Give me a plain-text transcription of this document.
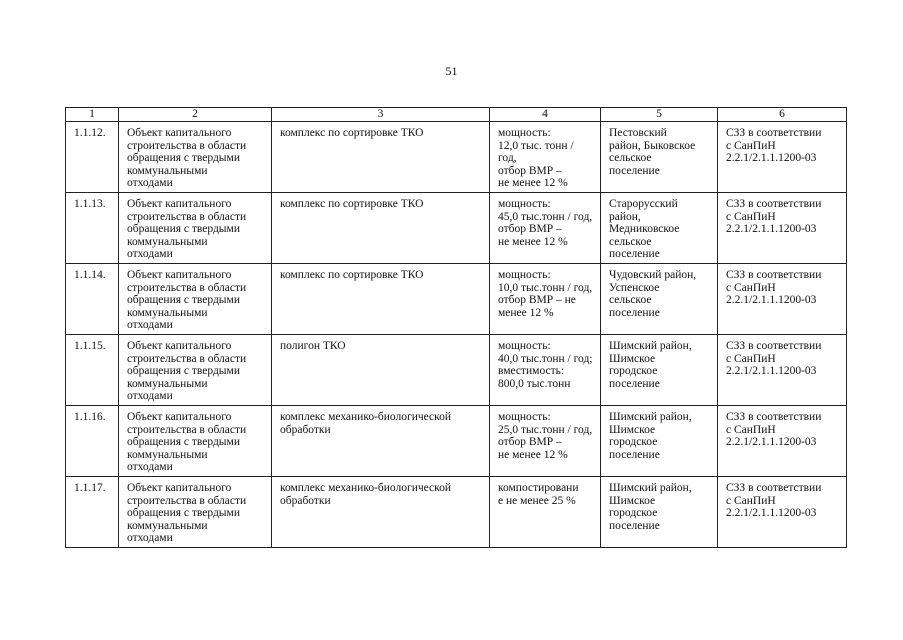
51
1	2	3	4	5	6

1.1.12.	Объект капитального
строительства в области
обращения с твердыми
коммунальными
отходами	комплекс по сортировке ТКО	мощность:
12,0 тыс. тонн /
год,
отбор ВМР –
не менее 12 %	Пестовский
район, Быковское
сельское
поселение	СЗЗ в соответствии
с СанПиН
2.2.1/2.1.1.1200-03

1.1.13.	Объект капитального
строительства в области
обращения с твердыми
коммунальными
отходами	комплекс по сортировке ТКО	мощность:
45,0 тыс.тонн / год,
отбор ВМР –
не менее 12 %	Старорусский
район,
Медниковское
сельское
поселение	СЗЗ в соответствии
с СанПиН
2.2.1/2.1.1.1200-03

1.1.14.	Объект капитального
строительства в области
обращения с твердыми
коммунальными
отходами	комплекс по сортировке ТКО	мощность:
10,0 тыс.тонн / год,
отбор ВМР – не
менее 12 %	Чудовский район,
Успенское
сельское
поселение	СЗЗ в соответствии
с СанПиН
2.2.1/2.1.1.1200-03

1.1.15.	Объект капитального
строительства в области
обращения с твердыми
коммунальными
отходами	полигон ТКО	мощность:
40,0 тыс.тонн / год;
вместимость:
800,0 тыс.тонн	Шимский район,
Шимское
городское
поселение	СЗЗ в соответствии
с СанПиН
2.2.1/2.1.1.1200-03

1.1.16.	Объект капитального
строительства в области
обращения с твердыми
коммунальными
отходами	комплекс механико-биологической
обработки	мощность:
25,0 тыс.тонн / год,
отбор ВМР –
не менее 12 %	Шимский район,
Шимское
городское
поселение	СЗЗ в соответствии
с СанПиН
2.2.1/2.1.1.1200-03

1.1.17.	Объект капитального
строительства в области
обращения с твердыми
коммунальными
отходами	комплекс механико-биологической
обработки	компостировани
е не менее 25 %	Шимский район,
Шимское
городское
поселение	СЗЗ в соответствии
с СанПиН
2.2.1/2.1.1.1200-03
